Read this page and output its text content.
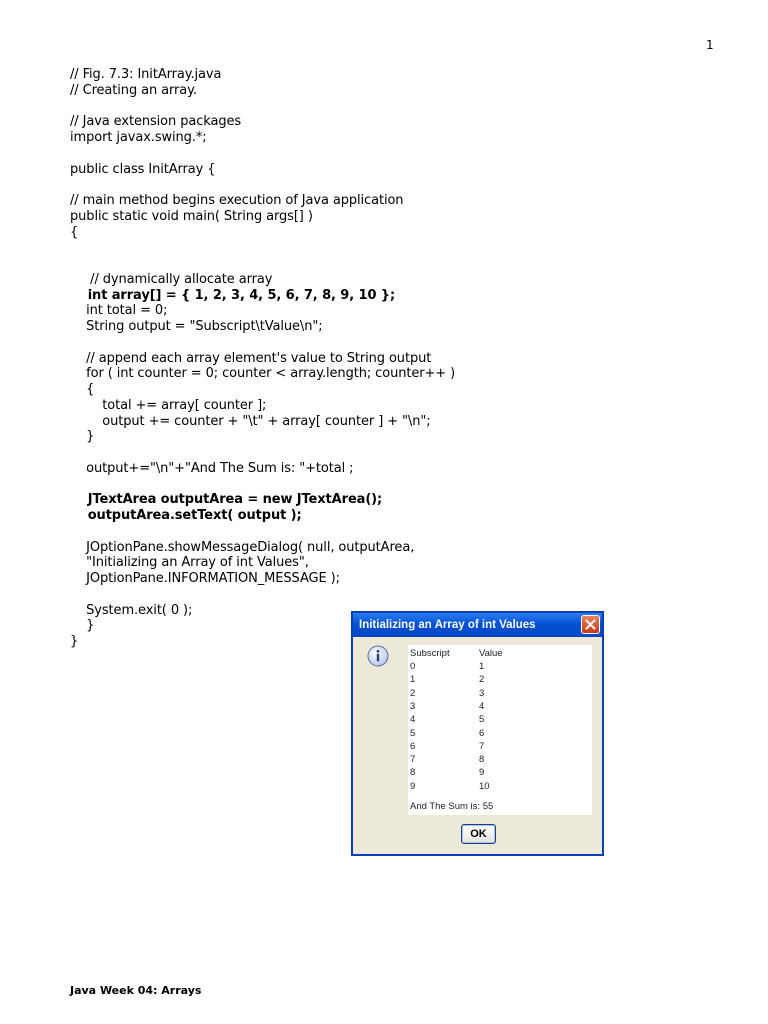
1
// Fig. 7.3: InitArray.java
// Creating an array.
// Java extension packages
import javax.swing.*;
public class InitArray {
// main method begins execution of Java application
public static void main( String args[] )
{
// dynamically allocate array
int array[] = { 1, 2, 3, 4, 5, 6, 7, 8, 9, 10 };
int total = 0;
String output = "Subscript\tValue\n";
// append each array element's value to String output
for ( int counter = 0; counter < array.length; counter++ )
{
total += array[ counter ];
output += counter + "\t" + array[ counter ] + "\n";
}
output+="\n"+"And The Sum is: "+total ;
JTextArea outputArea = new JTextArea();
outputArea.setText( output );
JOptionPane.showMessageDialog( null, outputArea,
"Initializing an Array of int Values",
JOptionPane.INFORMATION_MESSAGE );
System.exit( 0 );
}
}
Initializing an Array of int Values
Subscript	Value
And The Sum is: 55
0	1
1	2
2	3
3	4
4	5
5	6
6	7
7	8
8	9
9	10
OK
Java Week 04: Arrays
